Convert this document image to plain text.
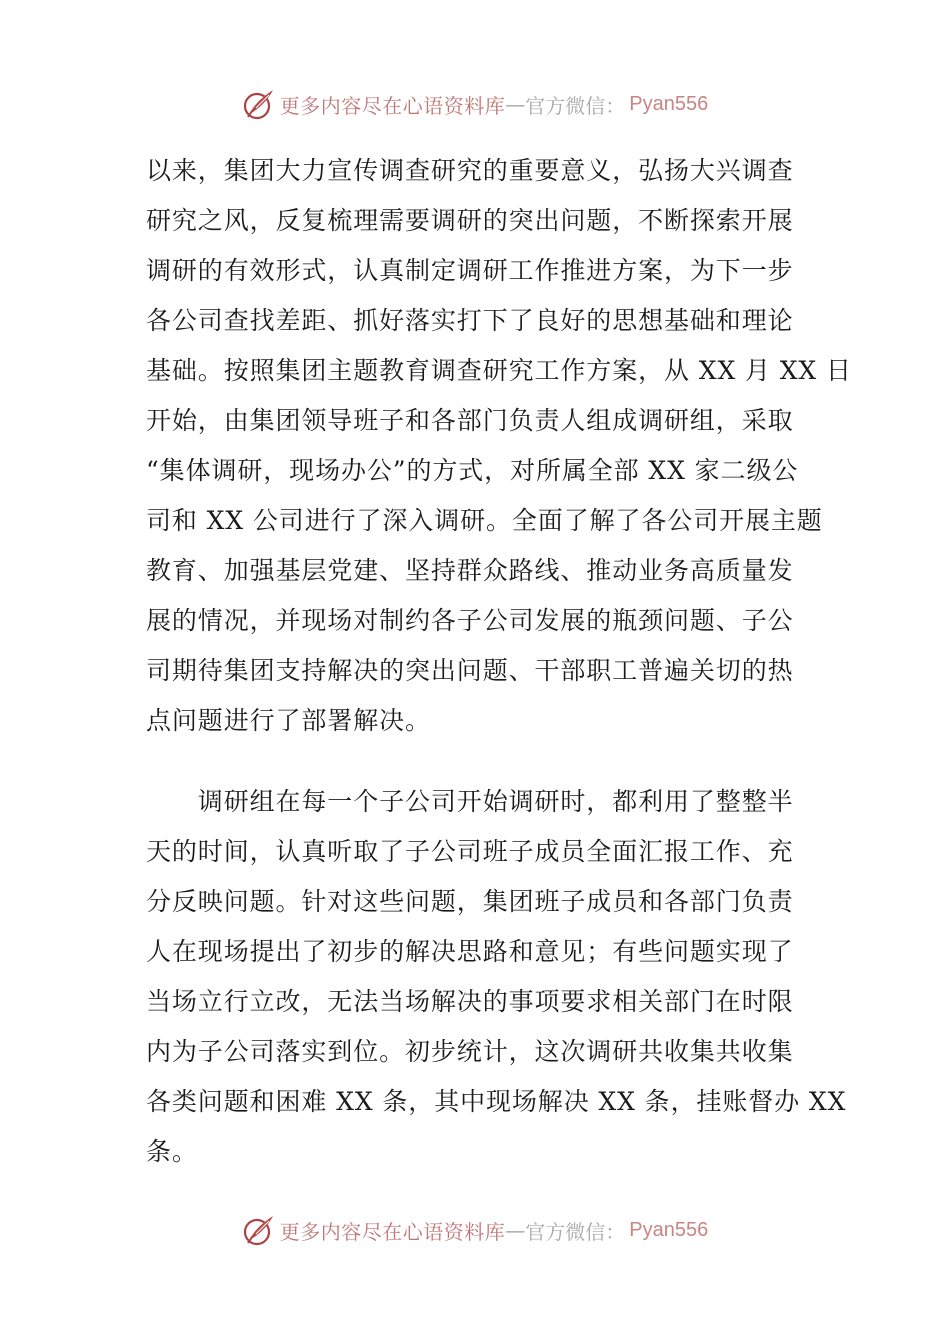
更多内容尽在心语资料库 — 官方微信： Pyan556
以来，集团大力宣传调查研究的重要意义，弘扬大兴调查
研究之风，反复梳理需要调研的突出问题，不断探索开展
调研的有效形式，认真制定调研工作推进方案，为下一步
各公司查找差距、抓好落实打下了良好的思想基础和理论
基础。按照集团主题教育调查研究工作方案，从 XX 月 XX 日
开始，由集团领导班子和各部门负责人组成调研组，采取
“集体调研，现场办公”的方式，对所属全部 XX 家二级公
司和 XX 公司进行了深入调研。全面了解了各公司开展主题
教育、加强基层党建、坚持群众路线、推动业务高质量发
展的情况，并现场对制约各子公司发展的瓶颈问题、子公
司期待集团支持解决的突出问题、干部职工普遍关切的热
点问题进行了部署解决。
　　调研组在每一个子公司开始调研时，都利用了整整半
天的时间，认真听取了子公司班子成员全面汇报工作、充
分反映问题。针对这些问题，集团班子成员和各部门负责
人在现场提出了初步的解决思路和意见；有些问题实现了
当场立行立改，无法当场解决的事项要求相关部门在时限
内为子公司落实到位。初步统计，这次调研共收集共收集
各类问题和困难 XX 条，其中现场解决 XX 条，挂账督办 XX
条。
更多内容尽在心语资料库 — 官方微信： Pyan556
